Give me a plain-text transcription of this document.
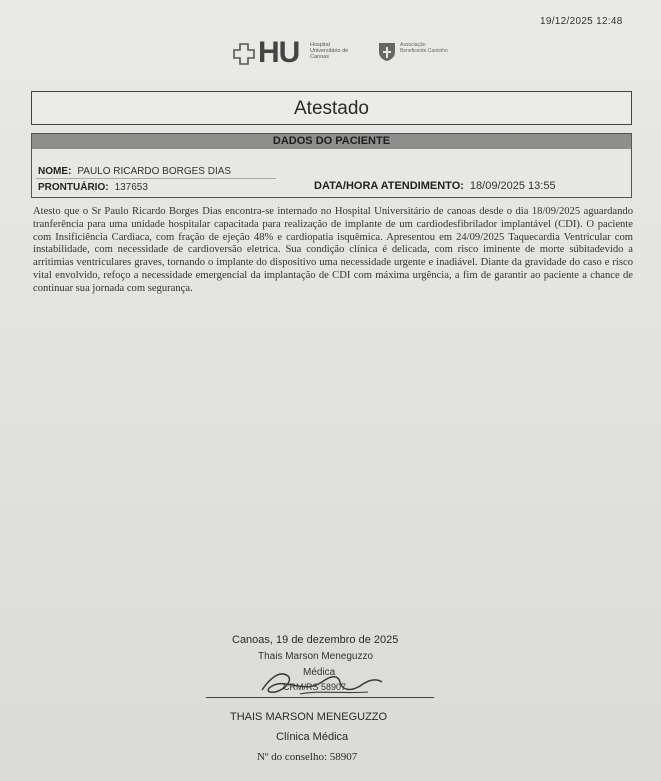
19/12/2025 12:48
HU Hospital Universitário de Canoas
Associação Beneficente Caminho
Atestado
DADOS DO PACIENTE
NOME: PAULO RICARDO BORGES DIAS
PRONTUÁRIO: 137653	DATA/HORA ATENDIMENTO: 18/09/2025 13:55
Atesto que o Sr Paulo Ricardo Borges Dias encontra-se internado no Hospital Universitário de canoas desde o dia 18/09/2025 aguardando tranferência para uma unidade hospitalar capacitada para realização de implante de um cardiodesfibrilador implantável (CDI). O paciente com Insificiência Cardiaca, com fração de ejeção 48% e cardiopatia isquêmica. Apresentou em 24/09/2025 Taquecardia Ventricular com instabilidade, com necessidade de cardioversão eletrica. Sua condição clínica é delicada, com risco iminente de morte súbitadevido a arritimias ventriculares graves, tornando o implante do dispositivo uma necessidade urgente e inadiável. Diante da gravidade do caso e risco vital envolvido, refoço a necessidade emergencial da implantação de CDI com máxima urgência, a fim de garantir ao paciente a chance de continuar sua jornada com segurança.
Canoas, 19 de dezembro de 2025
Thais Marson Meneguzzo
Médica
CRM/RS 58907
THAIS MARSON MENEGUZZO
Clínica Médica
Nº do conselho: 58907
